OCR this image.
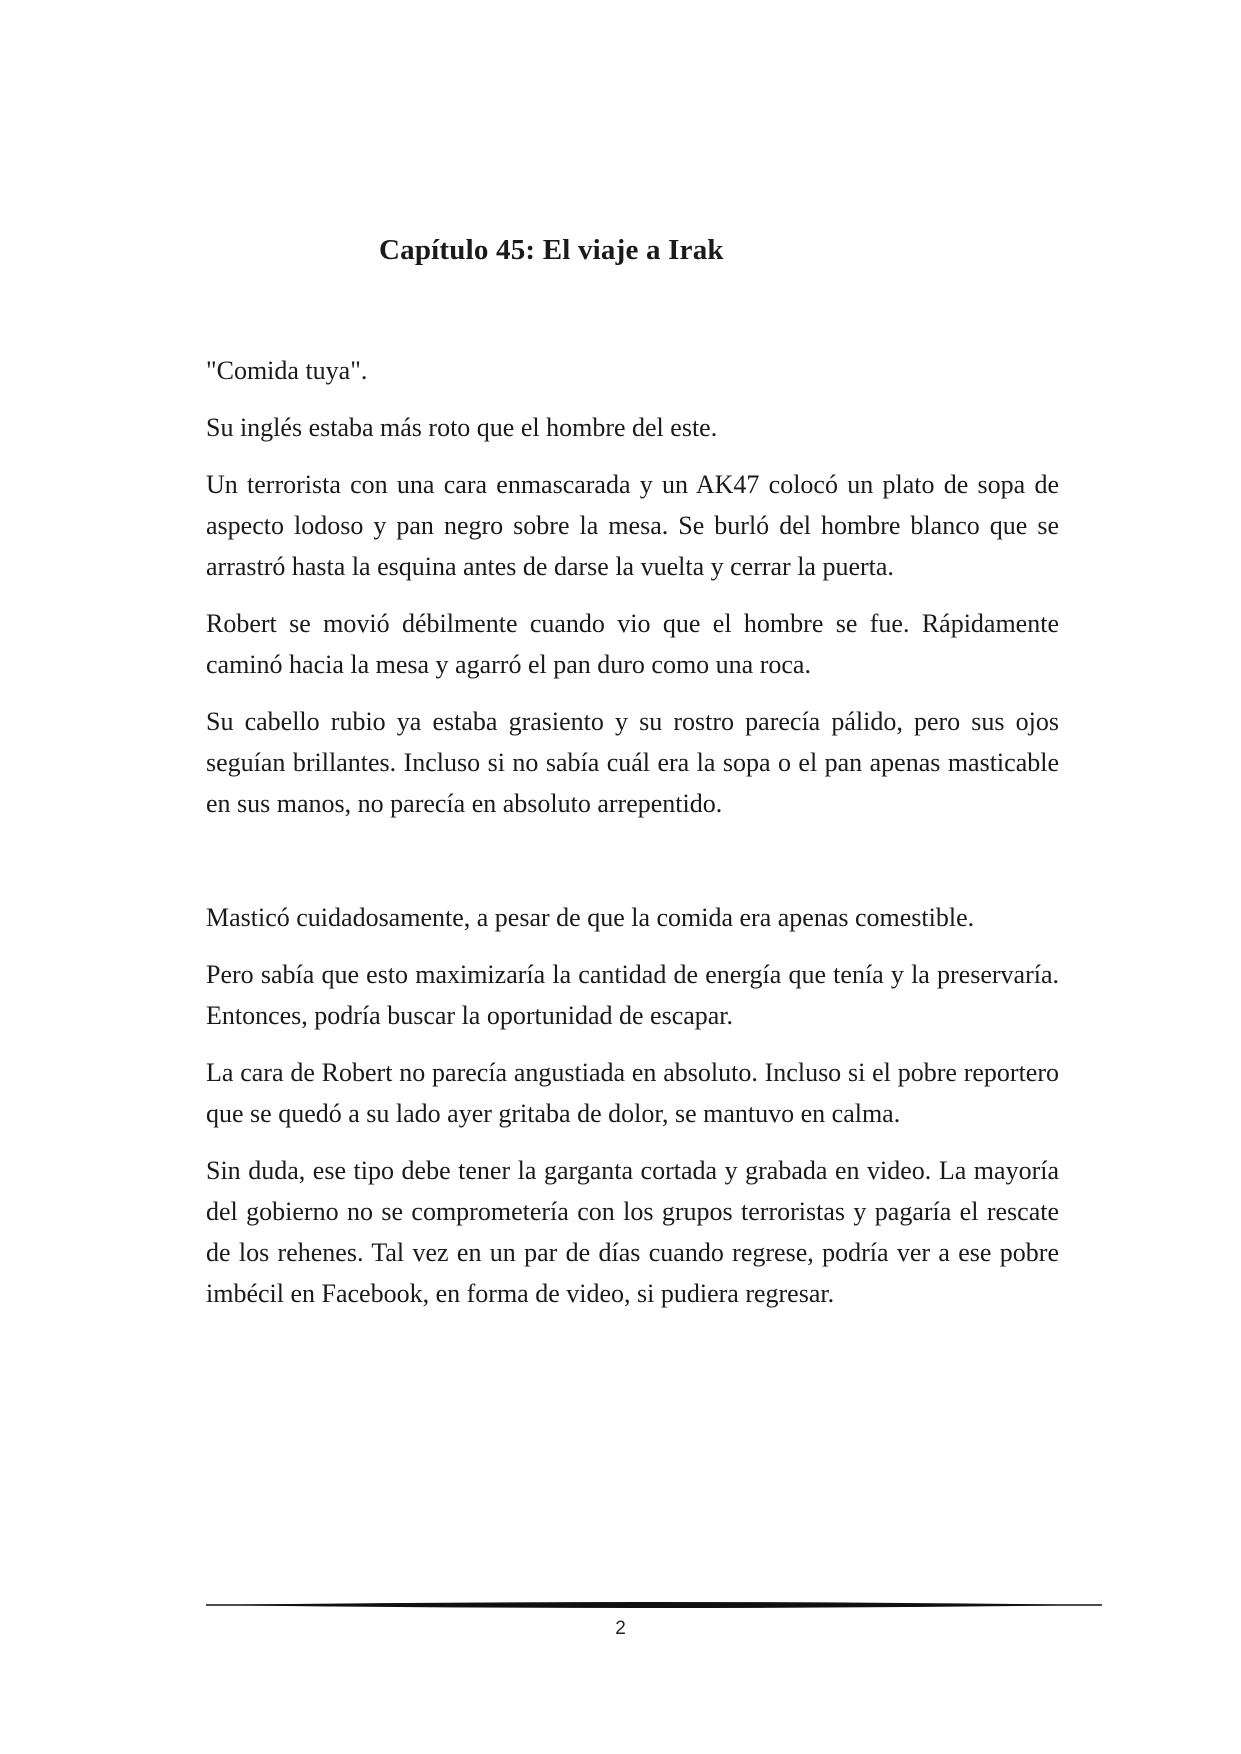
Capítulo 45: El viaje a Irak

"Comida tuya".

Su inglés estaba más roto que el hombre del este.

Un terrorista con una cara enmascarada y un AK47 colocó un plato de sopa de aspecto lodoso y pan negro sobre la mesa. Se burló del hombre blanco que se arrastró hasta la esquina antes de darse la vuelta y cerrar la puerta.

Robert se movió débilmente cuando vio que el hombre se fue. Rápidamente caminó hacia la mesa y agarró el pan duro como una roca.

Su cabello rubio ya estaba grasiento y su rostro parecía pálido, pero sus ojos seguían brillantes. Incluso si no sabía cuál era la sopa o el pan apenas masticable en sus manos, no parecía en absoluto arrepentido.

Masticó cuidadosamente, a pesar de que la comida era apenas comestible.

Pero sabía que esto maximizaría la cantidad de energía que tenía y la preservaría. Entonces, podría buscar la oportunidad de escapar.

La cara de Robert no parecía angustiada en absoluto. Incluso si el pobre reportero que se quedó a su lado ayer gritaba de dolor, se mantuvo en calma.

Sin duda, ese tipo debe tener la garganta cortada y grabada en video. La mayoría del gobierno no se comprometería con los grupos terroristas y pagaría el rescate de los rehenes. Tal vez en un par de días cuando regrese, podría ver a ese pobre imbécil en Facebook, en forma de video, si pudiera regresar.

2
